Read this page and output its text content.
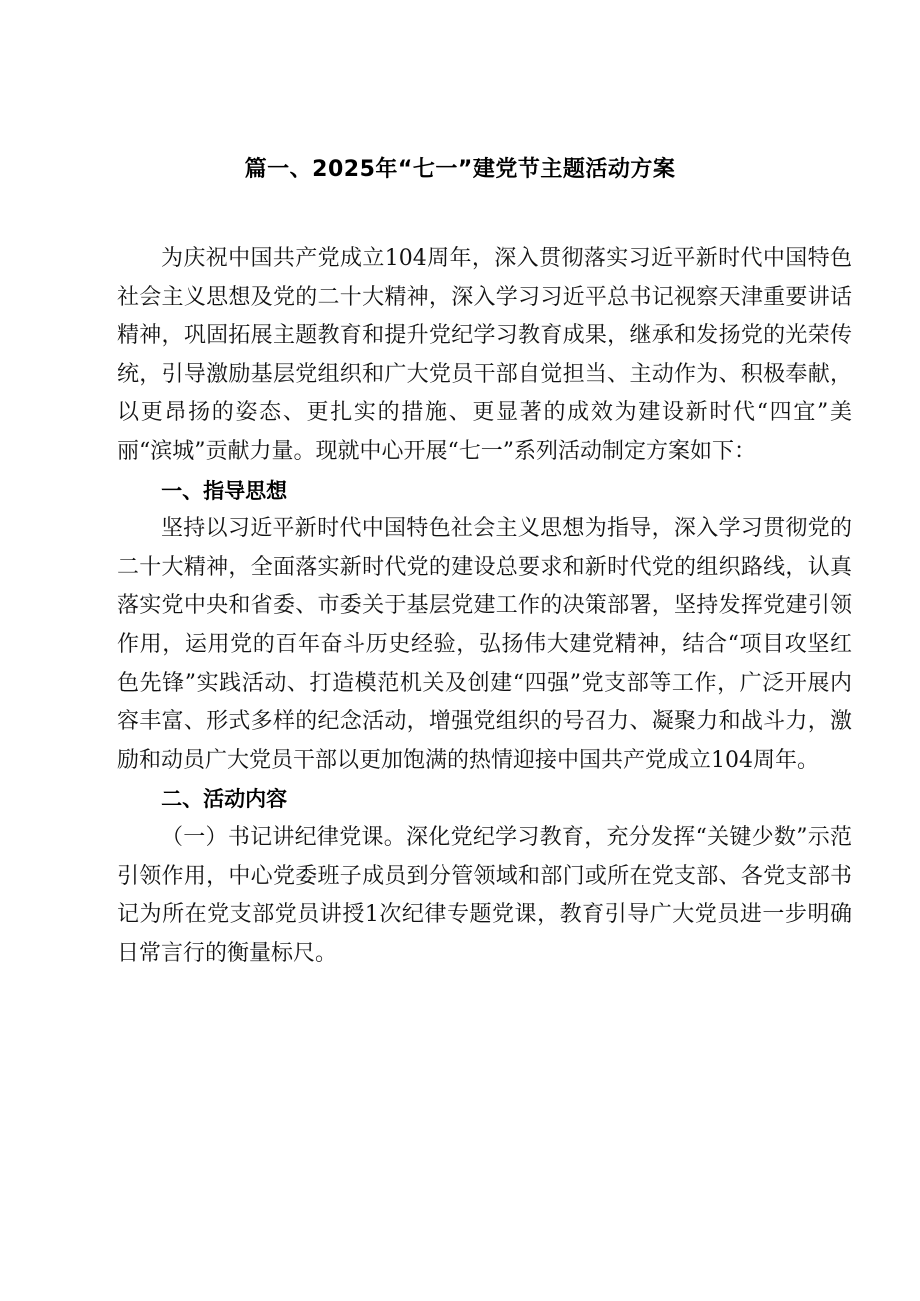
篇一、2025年“七一”建党节主题活动方案

为庆祝中国共产党成立104周年，深入贯彻落实习近平新时代中国特色社会主义思想及党的二十大精神，深入学习习近平总书记视察天津重要讲话精神，巩固拓展主题教育和提升党纪学习教育成果，继承和发扬党的光荣传统，引导激励基层党组织和广大党员干部自觉担当、主动作为、积极奉献，以更昂扬的姿态、更扎实的措施、更显著的成效为建设新时代“四宜”美丽“滨城”贡献力量。现就中心开展“七一”系列活动制定方案如下：

一、指导思想

坚持以习近平新时代中国特色社会主义思想为指导，深入学习贯彻党的二十大精神，全面落实新时代党的建设总要求和新时代党的组织路线，认真落实党中央和省委、市委关于基层党建工作的决策部署，坚持发挥党建引领作用，运用党的百年奋斗历史经验，弘扬伟大建党精神，结合“项目攻坚红色先锋”实践活动、打造模范机关及创建“四强”党支部等工作，广泛开展内容丰富、形式多样的纪念活动，增强党组织的号召力、凝聚力和战斗力，激励和动员广大党员干部以更加饱满的热情迎接中国共产党成立104周年。

二、活动内容

（一）书记讲纪律党课。深化党纪学习教育，充分发挥“关键少数”示范引领作用，中心党委班子成员到分管领域和部门或所在党支部、各党支部书记为所在党支部党员讲授1次纪律专题党课，教育引导广大党员进一步明确日常言行的衡量标尺。
